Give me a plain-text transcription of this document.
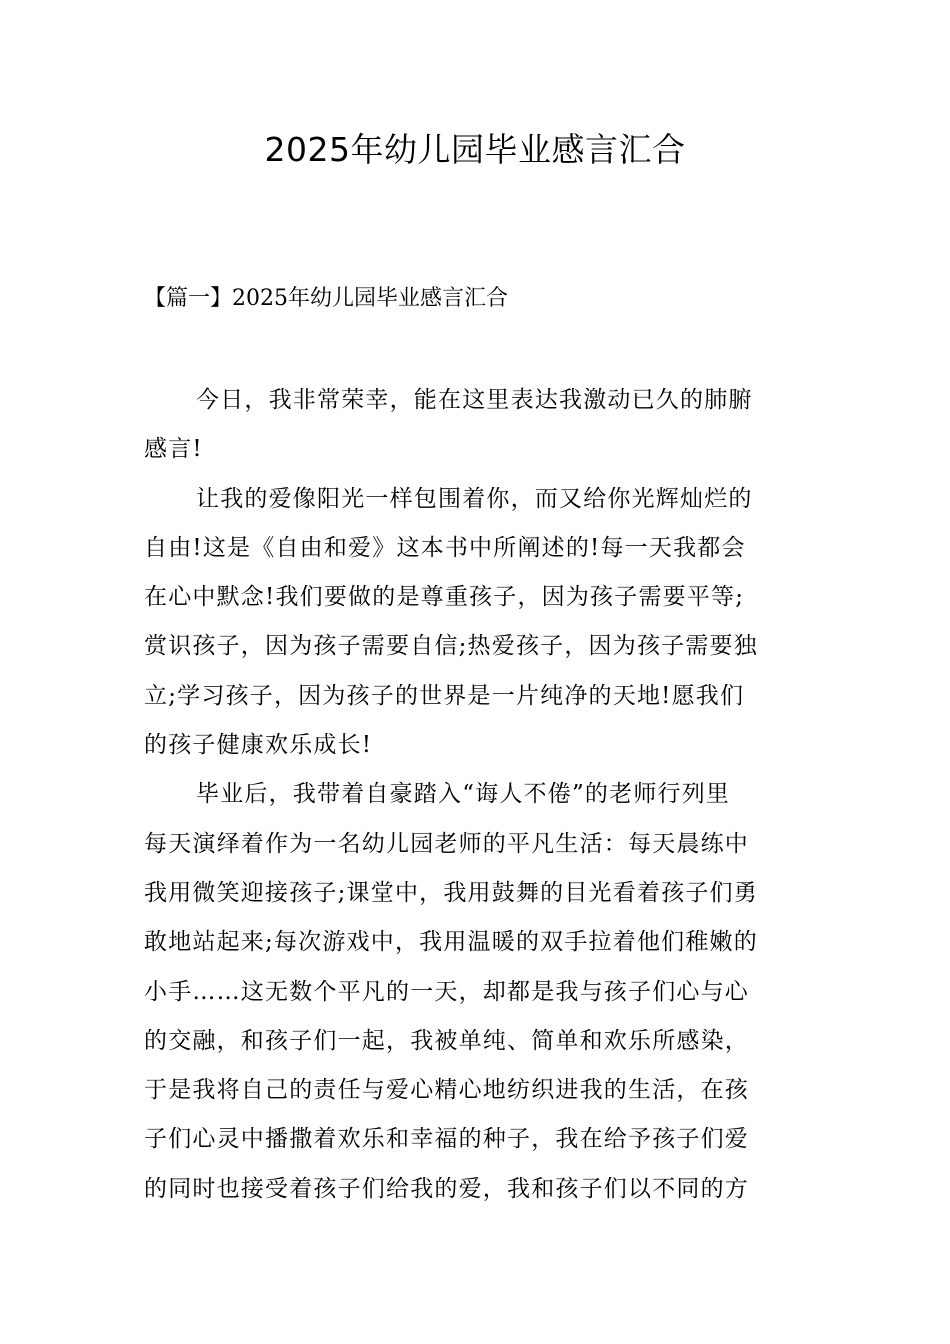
2025年幼儿园毕业感言汇合
【篇一】2025年幼儿园毕业感言汇合
今日，我非常荣幸，能在这里表达我激动已久的肺腑
感言!
让我的爱像阳光一样包围着你，而又给你光辉灿烂的
自由!这是《自由和爱》这本书中所阐述的!每一天我都会
在心中默念!我们要做的是尊重孩子，因为孩子需要平等;
赏识孩子，因为孩子需要自信;热爱孩子，因为孩子需要独
立;学习孩子，因为孩子的世界是一片纯净的天地!愿我们
的孩子健康欢乐成长!
毕业后，我带着自豪踏入“诲人不倦”的老师行列里
每天演绎着作为一名幼儿园老师的平凡生活：每天晨练中
我用微笑迎接孩子;课堂中，我用鼓舞的目光看着孩子们勇
敢地站起来;每次游戏中，我用温暖的双手拉着他们稚嫩的
小手……这无数个平凡的一天，却都是我与孩子们心与心
的交融，和孩子们一起，我被单纯、简单和欢乐所感染，
于是我将自己的责任与爱心精心地纺织进我的生活，在孩
子们心灵中播撒着欢乐和幸福的种子，我在给予孩子们爱
的同时也接受着孩子们给我的爱，我和孩子们以不同的方
